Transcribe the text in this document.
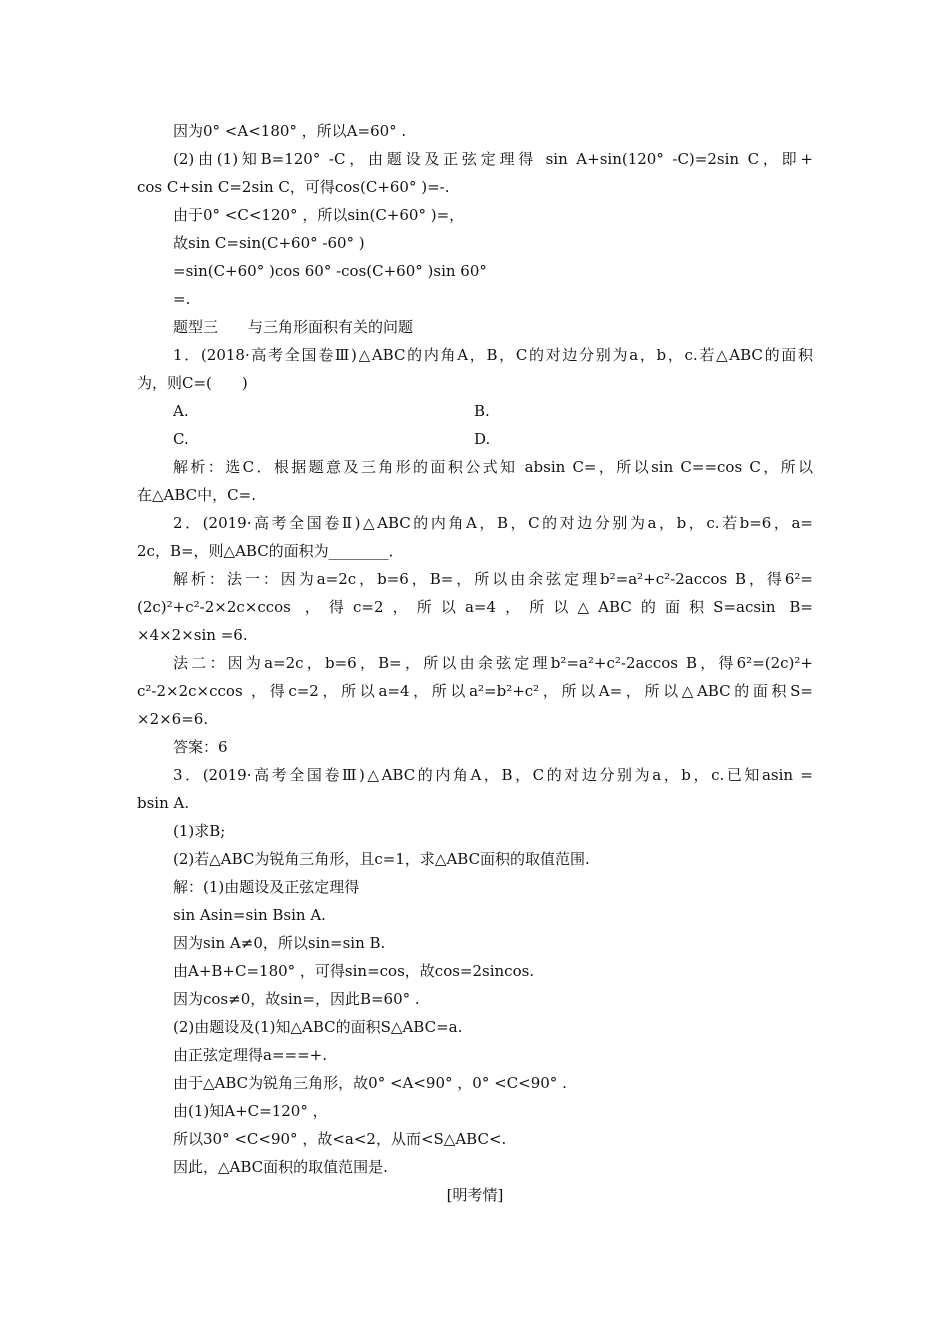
因为0° <A<180° ，所以A=60° .
(2)由(1)知B=120° -C，由题设及正弦定理得 sin A+sin(120° -C)=2sin C，即+
cos C+sin C=2sin C，可得cos(C+60° )=-.
由于0° <C<120° ，所以sin(C+60° )=，
故sin C=sin(C+60° -60° )
=sin(C+60° )cos 60° -cos(C+60° )sin 60°
=.
题型三　　与三角形面积有关的问题
1．(2018·高考全国卷Ⅲ)△ABC的内角A，B，C的对边分别为a，b，c.若△ABC的面积
为，则C=(　　)
A.	B.
C.	D.
解析：选C．根据题意及三角形的面积公式知 absin C=，所以sin C==cos C，所以
在△ABC中，C=.
2．(2019·高考全国卷Ⅱ)△ABC的内角A，B，C的对边分别为a，b，c.若b=6，a=
2c，B=，则△ABC的面积为________．
解析：法一：因为a=2c，b=6，B=，所以由余弦定理b²=a²+c²-2accos B，得6²=
(2c)²+c²-2×2c×ccos ，得c=2，所以a=4，所以△ABC的面积S=acsin B=
×4×2×sin =6.
法二：因为a=2c，b=6，B=，所以由余弦定理b²=a²+c²-2accos B，得6²=(2c)²+
c²-2×2c×ccos ，得c=2，所以a=4，所以a²=b²+c²，所以A=，所以△ABC的面积S=
×2×6=6.
答案：6
3．(2019·高考全国卷Ⅲ)△ABC的内角A，B，C的对边分别为a，b，c.已知asin =
bsin A.
(1)求B;
(2)若△ABC为锐角三角形，且c=1，求△ABC面积的取值范围.
解：(1)由题设及正弦定理得
sin Asin=sin Bsin A.
因为sin A≠0，所以sin=sin B.
由A+B+C=180° ，可得sin=cos，故cos=2sincos.
因为cos≠0，故sin=，因此B=60° .
(2)由题设及(1)知△ABC的面积S△ABC=a.
由正弦定理得a===+.
由于△ABC为锐角三角形，故0° <A<90° ，0° <C<90° .
由(1)知A+C=120° ，
所以30° <C<90° ，故<a<2，从而<S△ABC<.
因此，△ABC面积的取值范围是.
[明考情]
